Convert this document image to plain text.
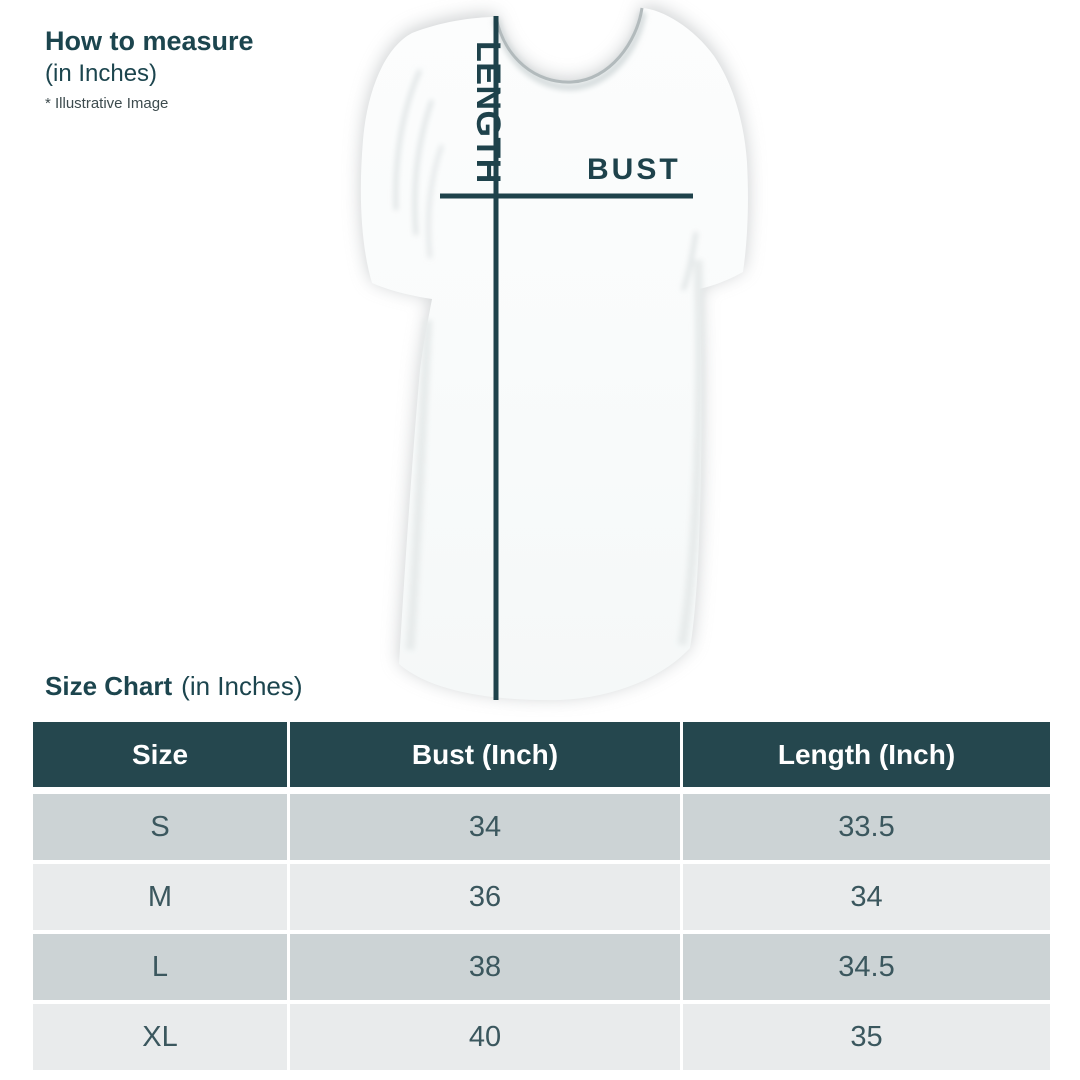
How to measure
(in Inches)
* Illustrative Image	LENGTH	BUST
Size Chart (in Inches)
Size	Bust (Inch)	Length (Inch)
S	34	33.5
M	36	34
L	38	34.5
XL	40	35
